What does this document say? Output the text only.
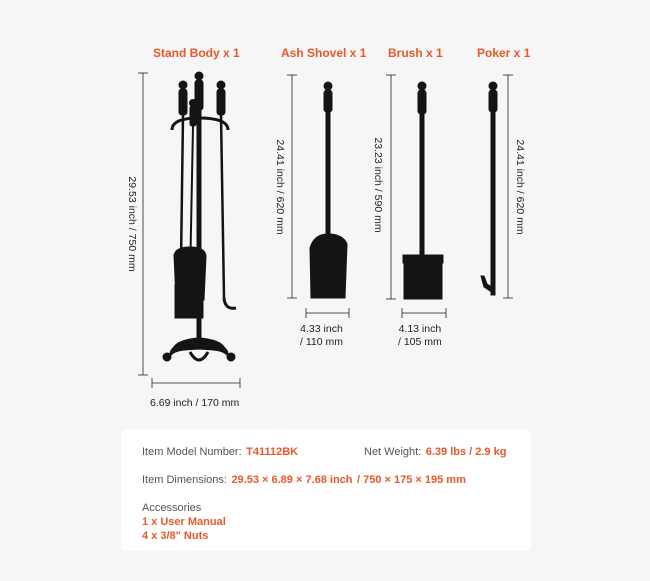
Stand Body x 1	Ash Shovel x 1 Brush x 1	Poker x 1
29.53 inch / 750 mm
6.69 inch / 170 mm
24.41 inch / 620 mm
4.33 inch
/ 110 mm
23.23 inch / 590 mm
4.13 inch
/ 105 mm
24.41 inch / 620 mm
Item Model Number: T41112BK	Net Weight: 6.39 lbs / 2.9 kg
Item Dimensions: 29.53 × 6.89 × 7.68 inch / 750 × 175 × 195 mm
Accessories
1 x User Manual
4 x 3/8" Nuts
